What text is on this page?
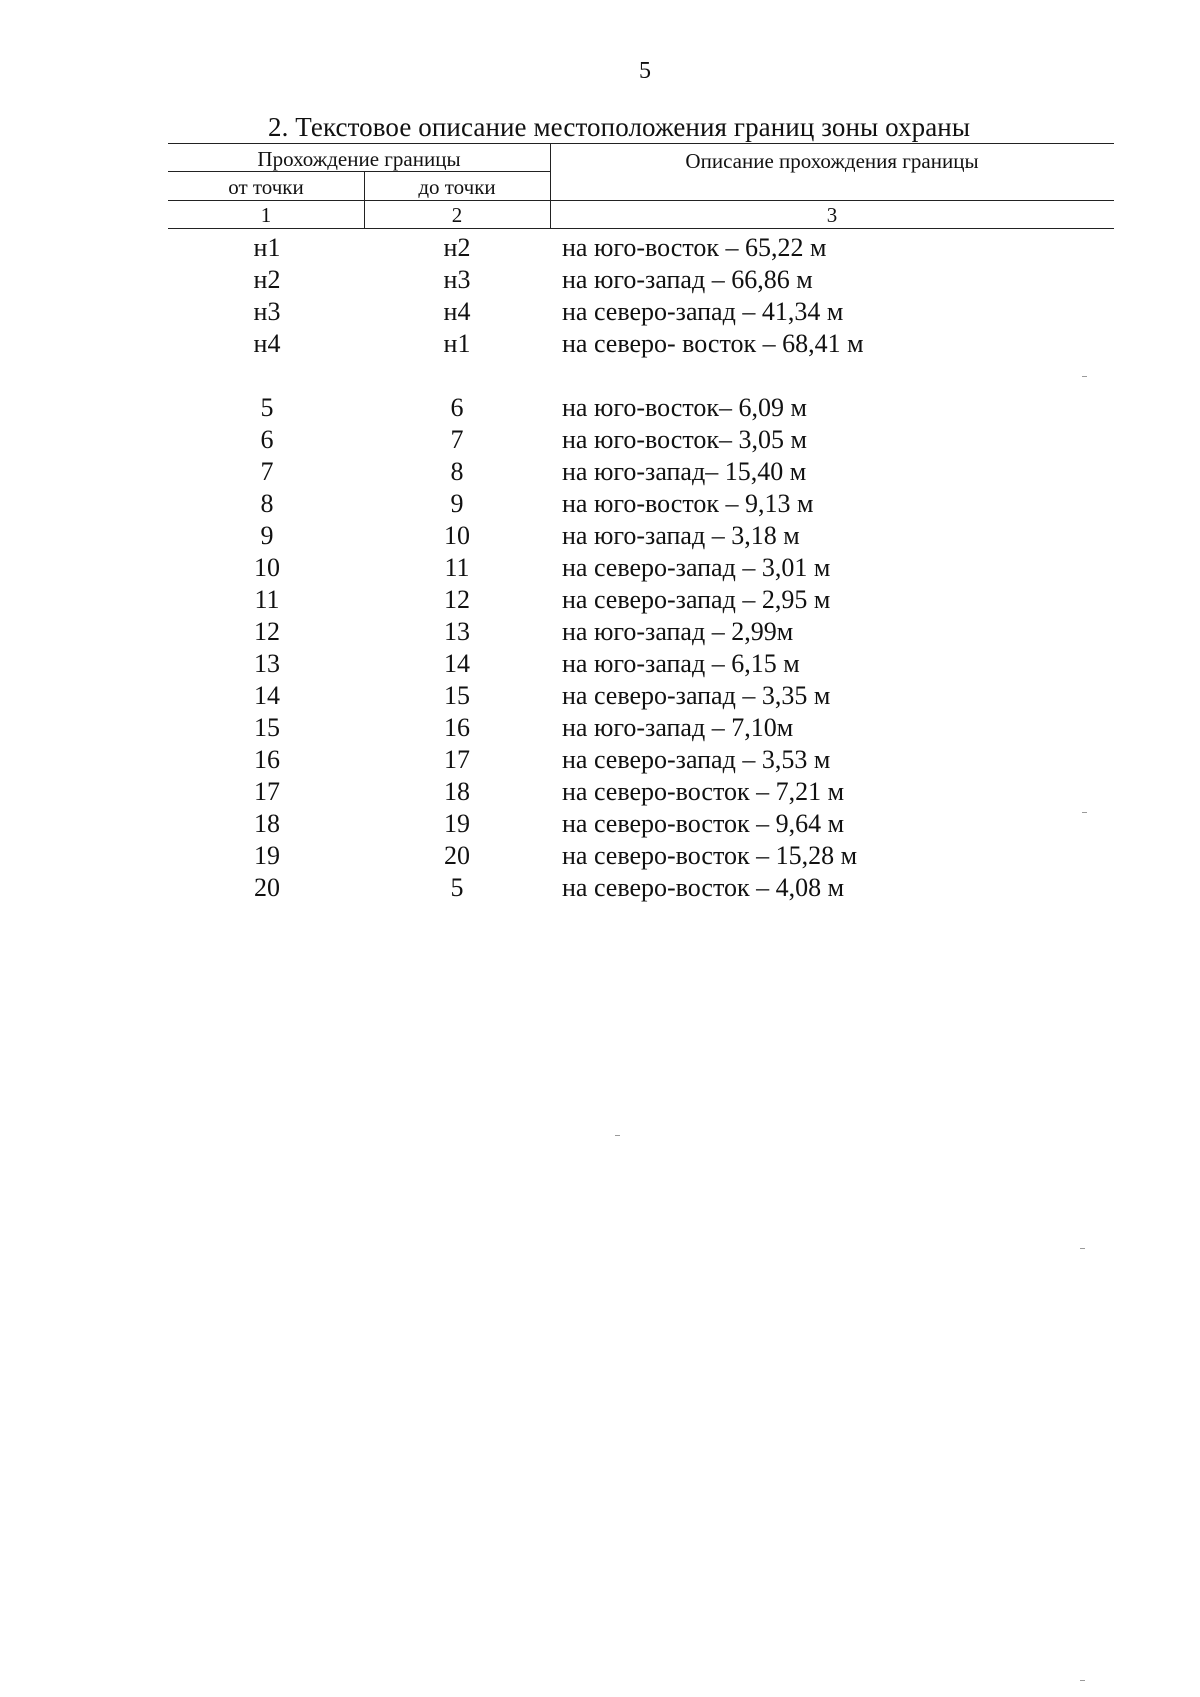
5
2. Текстовое описание местоположения границ зоны охраны
Прохождение границы	Описание прохождения границы
от точки	до точки
1	2	3
н1	н2	на юго-восток – 65,22 м
н2	н3	на юго-запад – 66,86 м
н3	н4	на северо-запад – 41,34 м
н4	н1	на северо- восток – 68,41 м
5	6	на юго-восток– 6,09 м
6	7	на юго-восток– 3,05 м
7	8	на юго-запад– 15,40 м
8	9	на юго-восток – 9,13 м
9	10	на юго-запад – 3,18 м
10	11	на северо-запад – 3,01 м
11	12	на северо-запад – 2,95 м
12	13	на юго-запад – 2,99м
13	14	на юго-запад – 6,15 м
14	15	на северо-запад – 3,35 м
15	16	на юго-запад – 7,10м
16	17	на северо-запад – 3,53 м
17	18	на северо-восток – 7,21 м
18	19	на северо-восток – 9,64 м
19	20	на северо-восток – 15,28 м
20	5	на северо-восток – 4,08 м
